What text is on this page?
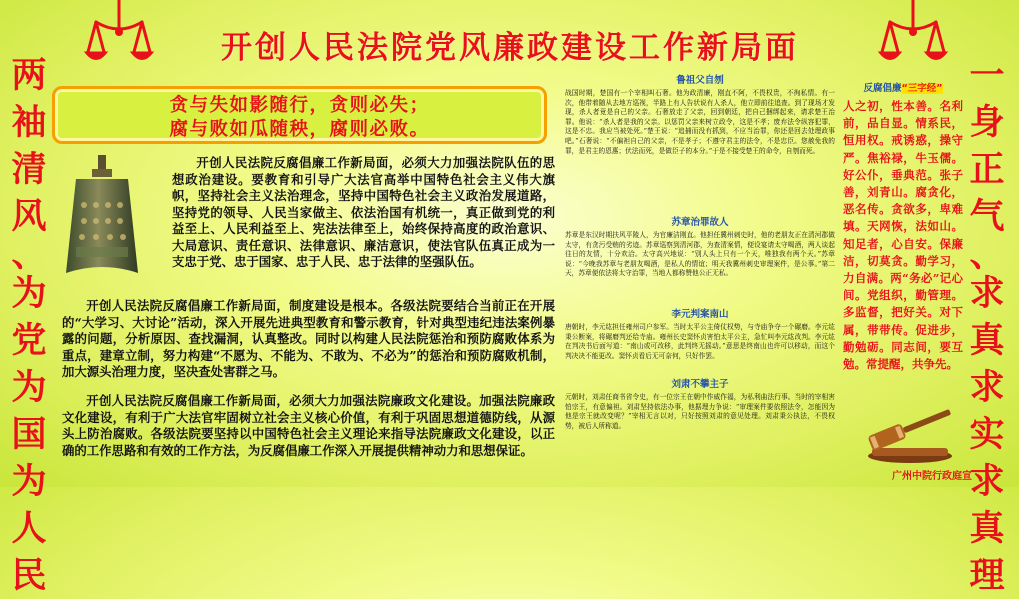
开创人民法院党风廉政建设工作新局面
两
袖
清
风
、
为
党
为
国
为
人
民
一
身
正
气
、
求
真
求
实
求
真
理
贪与失如影随行，贪则必失；
腐与败如瓜随秧，腐则必败。
开创人民法院反腐倡廉工作新局面，必须大力加强法院队伍的思想政治建设。要教育和引导广大法官高举中国特色社会主义伟大旗帜，坚持社会主义法治理念，坚持中国特色社会主义政治发展道路，坚持党的领导、人民当家做主、依法治国有机统一，真正做到党的利益至上、人民利益至上、宪法法律至上，始终保持高度的政治意识、大局意识、责任意识、法律意识、廉洁意识，使法官队伍真正成为一支忠于党、忠于国家、忠于人民、忠于法律的坚强队伍。
开创人民法院反腐倡廉工作新局面，制度建设是根本。各级法院要结合当前正在开展的“大学习、大讨论”活动，深入开展先进典型教育和警示教育，针对典型违纪违法案例暴露的问题，分析原因、查找漏洞，认真整改。同时以构建人民法院惩治和预防腐败体系为重点，建章立制，努力构建“不愿为、不能为、不敢为、不必为”的惩治和预防腐败机制，加大源头治理力度，坚决查处害群之马。
开创人民法院反腐倡廉工作新局面，必须大力加强法院廉政文化建设。加强法院廉政文化建设，有利于广大法官牢固树立社会主义核心价值，有利于巩固思想道德防线，从源头上防治腐败。各级法院要坚持以中国特色社会主义理论来指导法院廉政文化建设，以正确的工作思路和有效的工作方法，为反腐倡廉工作深入开展提供精神动力和思想保证。
鲁祖父自刎
战国时期，楚国有一个宰相叫石奢。他为政清廉，刚直不阿，不畏权贵，不徇私情。有一次，他带着随从去地方巡视，半路上有人告状说有人杀人，他立即前往追查。到了现场才发现，杀人者竟是自己的父亲。石奢放走了父亲，回到朝廷，把自己捆绑起来，请求楚王治罪。他说：“杀人者是我的父亲。以惩罚父亲来树立政令，这是不孝；废弃法令纵容犯罪，这是不忠。我应当被处死。”楚王说：“追捕而没有抓到，不应当治罪，你还是回去处理政事吧。”石奢说：“不偏袒自己的父亲，不是孝子；不遵守君主的法令，不是忠臣。您赦免我的罪，是君主的恩惠；伏法而死，是做臣子的本分。”于是不接受楚王的命令，自刎而死。
苏章治罪故人
苏章是东汉时期扶风平陵人，为官廉洁刚直。他担任冀州刺史时，他的老朋友正在清河郡做太守，有贪污受贿的劣迹。苏章巡察到清河郡，为查清案情，便设宴请太守喝酒，两人谈起往日的友情，十分欢洽。太守高兴地说：“别人头上只有一个天，唯独我有两个天。”苏章说：“今晚我苏章与老朋友喝酒，是私人的情谊；明天我冀州刺史审理案件，是公事。”第二天，苏章便依法将太守治罪，当地人都称赞他公正无私。
李元判案南山
唐朝时，李元纮担任雍州司户参军。当时太平公主倚仗权势，与寺庙争夺一个碾磨。李元纮秉公断案，将碾磨判还给寺庙。雍州长史窦怀贞害怕太平公主，急忙叫李元纮改判。李元纮在判决书后面写道：“南山或可改移，此判终无摇动。”意思是终南山也许可以移动，而这个判决决不能更改。窦怀贞看后无可奈何，只好作罢。
刘肃不攀主子
元朝时，刘肃任商书省令史，有一位宗王在朝中作威作福，为私利曲法行事。当时的宰相害怕宗王，有意偏袒。刘肃坚持依法办事，他据理力争说：“审理案件要依照法令，怎能因为他是宗王就改变呢？”宰相无言以对，只好按照刘肃的意见处理。刘肃秉公执法，不畏权势，被后人所称道。
反腐倡廉“三字经”
人之初，性本善。名利前，品自显。情系民，恒用权。戒诱惑，操守严。焦裕禄，牛玉儒。好公仆，垂典范。张子善，刘青山。腐贪化，恶名传。贪欲多，卑难填。天网恢，法如山。知足者，心自安。保廉洁，切莫贪。勤学习，力自满。两“务必”记心间。党组织，勤管理。多监督，把好关。对下属，带带传。促进步，勤勉砺。同志间，要互勉。常提醒，共争先。
广州中院行政庭宣
